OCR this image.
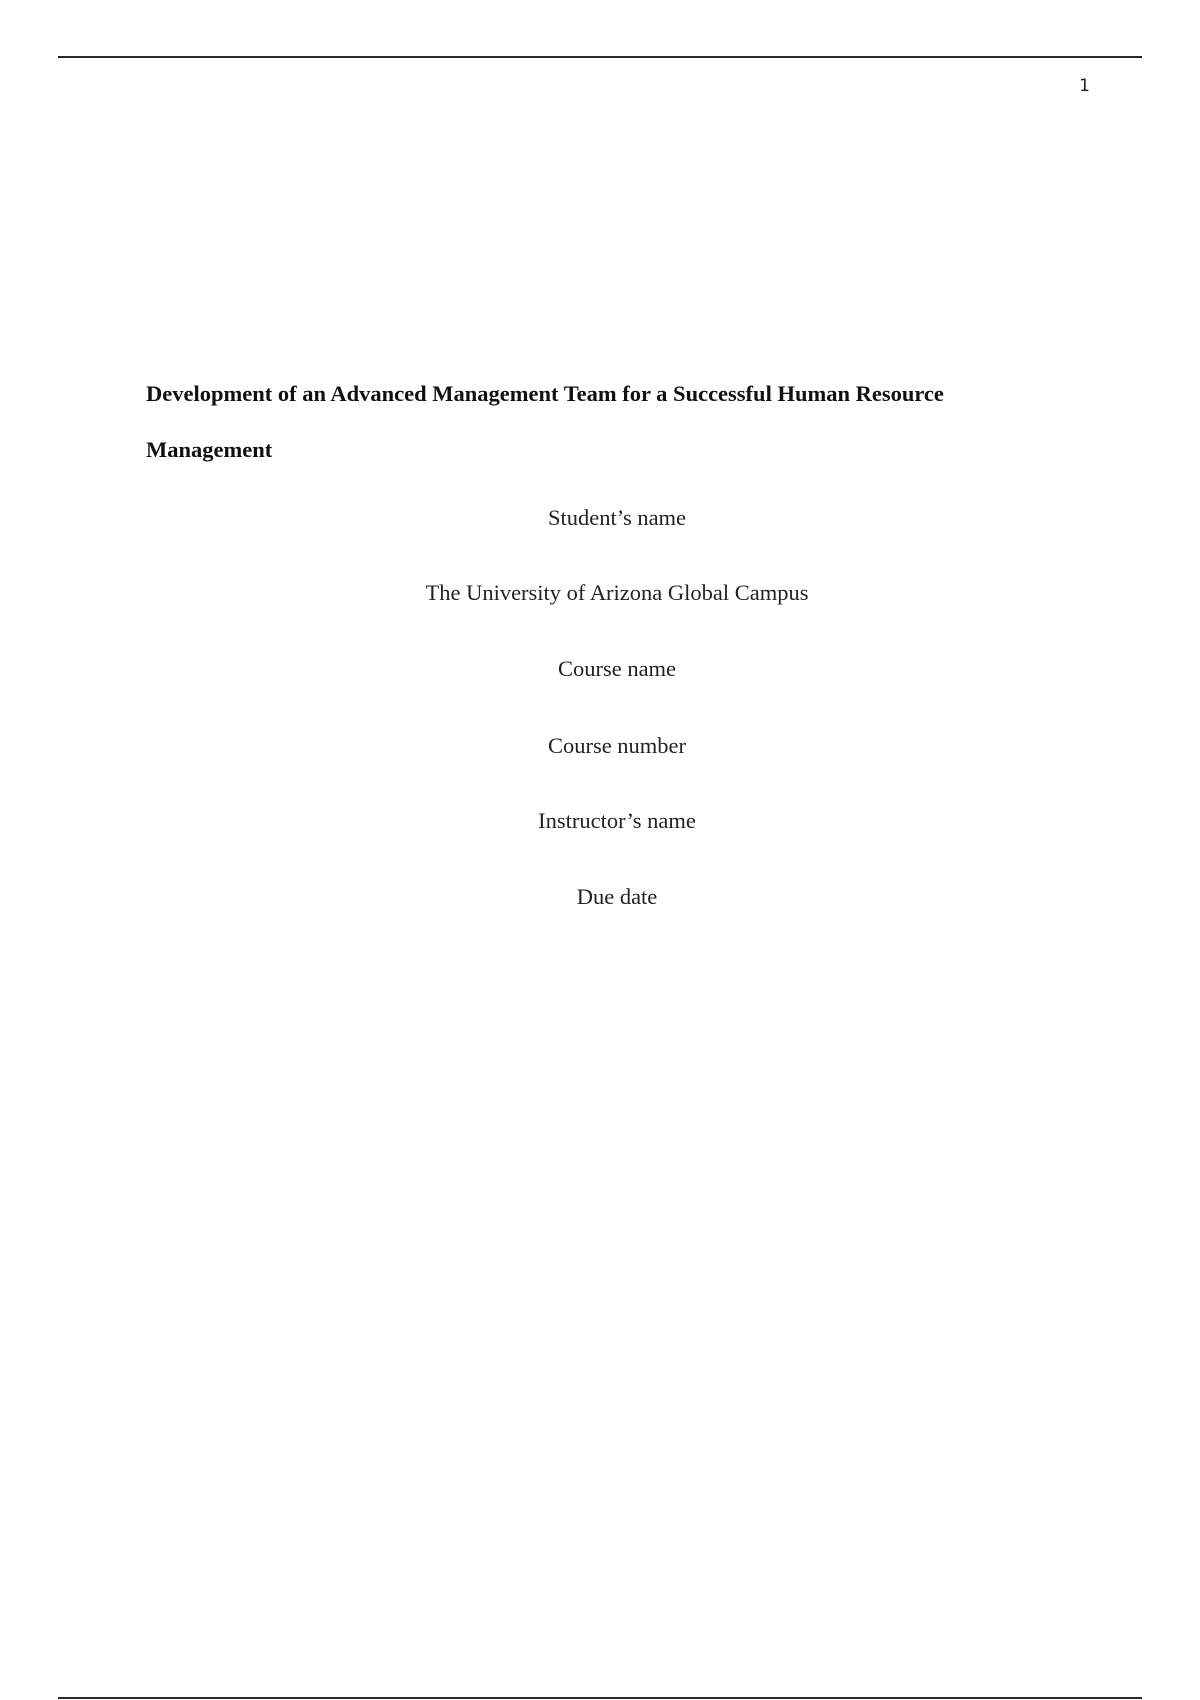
1
Development of an Advanced Management Team for a Successful Human Resource
Management
Student’s name
The University of Arizona Global Campus
Course name
Course number
Instructor’s name
Due date
